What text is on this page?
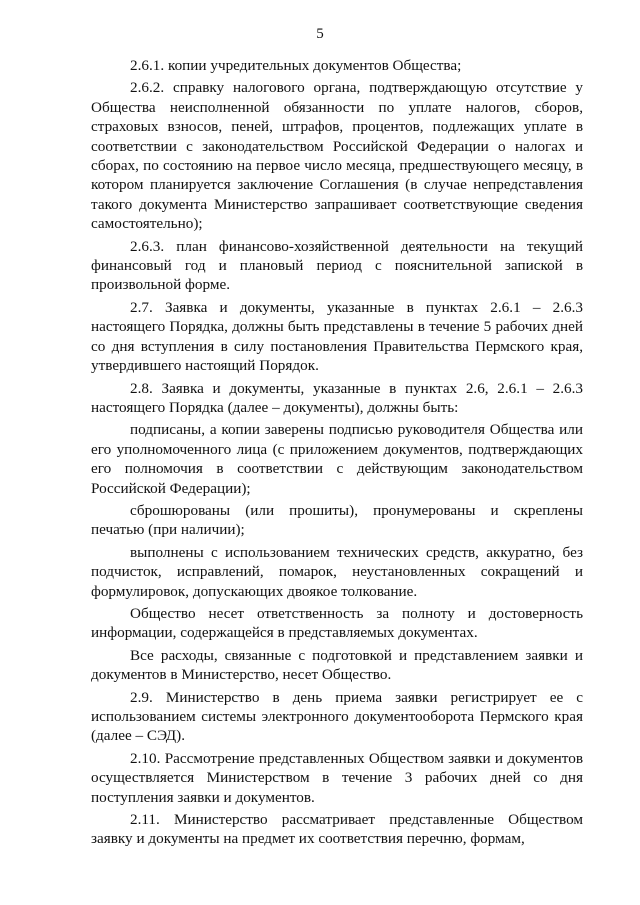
5

2.6.1. копии учредительных документов Общества;

2.6.2. справку налогового органа, подтверждающую отсутствие у Общества неисполненной обязанности по уплате налогов, сборов, страховых взносов, пеней, штрафов, процентов, подлежащих уплате в соответствии с законодательством Российской Федерации о налогах и сборах, по состоянию на первое число месяца, предшествующего месяцу, в котором планируется заключение Соглашения (в случае непредставления такого документа Министерство запрашивает соответствующие сведения самостоятельно);

2.6.3. план финансово-хозяйственной деятельности на текущий финансовый год и плановый период с пояснительной запиской в произвольной форме.

2.7. Заявка и документы, указанные в пунктах 2.6.1 – 2.6.3 настоящего Порядка, должны быть представлены в течение 5 рабочих дней со дня вступления в силу постановления Правительства Пермского края, утвердившего настоящий Порядок.

2.8. Заявка и документы, указанные в пунктах 2.6, 2.6.1 – 2.6.3 настоящего Порядка (далее – документы), должны быть:

подписаны, а копии заверены подписью руководителя Общества или его уполномоченного лица (с приложением документов, подтверждающих его полномочия в соответствии с действующим законодательством Российской Федерации);

сброшюрованы (или прошиты), пронумерованы и скреплены печатью (при наличии);

выполнены с использованием технических средств, аккуратно, без подчисток, исправлений, помарок, неустановленных сокращений и формулировок, допускающих двоякое толкование.

Общество несет ответственность за полноту и достоверность информации, содержащейся в представляемых документах.

Все расходы, связанные с подготовкой и представлением заявки и документов в Министерство, несет Общество.

2.9. Министерство в день приема заявки регистрирует ее с использованием системы электронного документооборота Пермского края (далее – СЭД).

2.10. Рассмотрение представленных Обществом заявки и документов осуществляется Министерством в течение 3 рабочих дней со дня поступления заявки и документов.

2.11. Министерство рассматривает представленные Обществом заявку и документы на предмет их соответствия перечню, формам,
